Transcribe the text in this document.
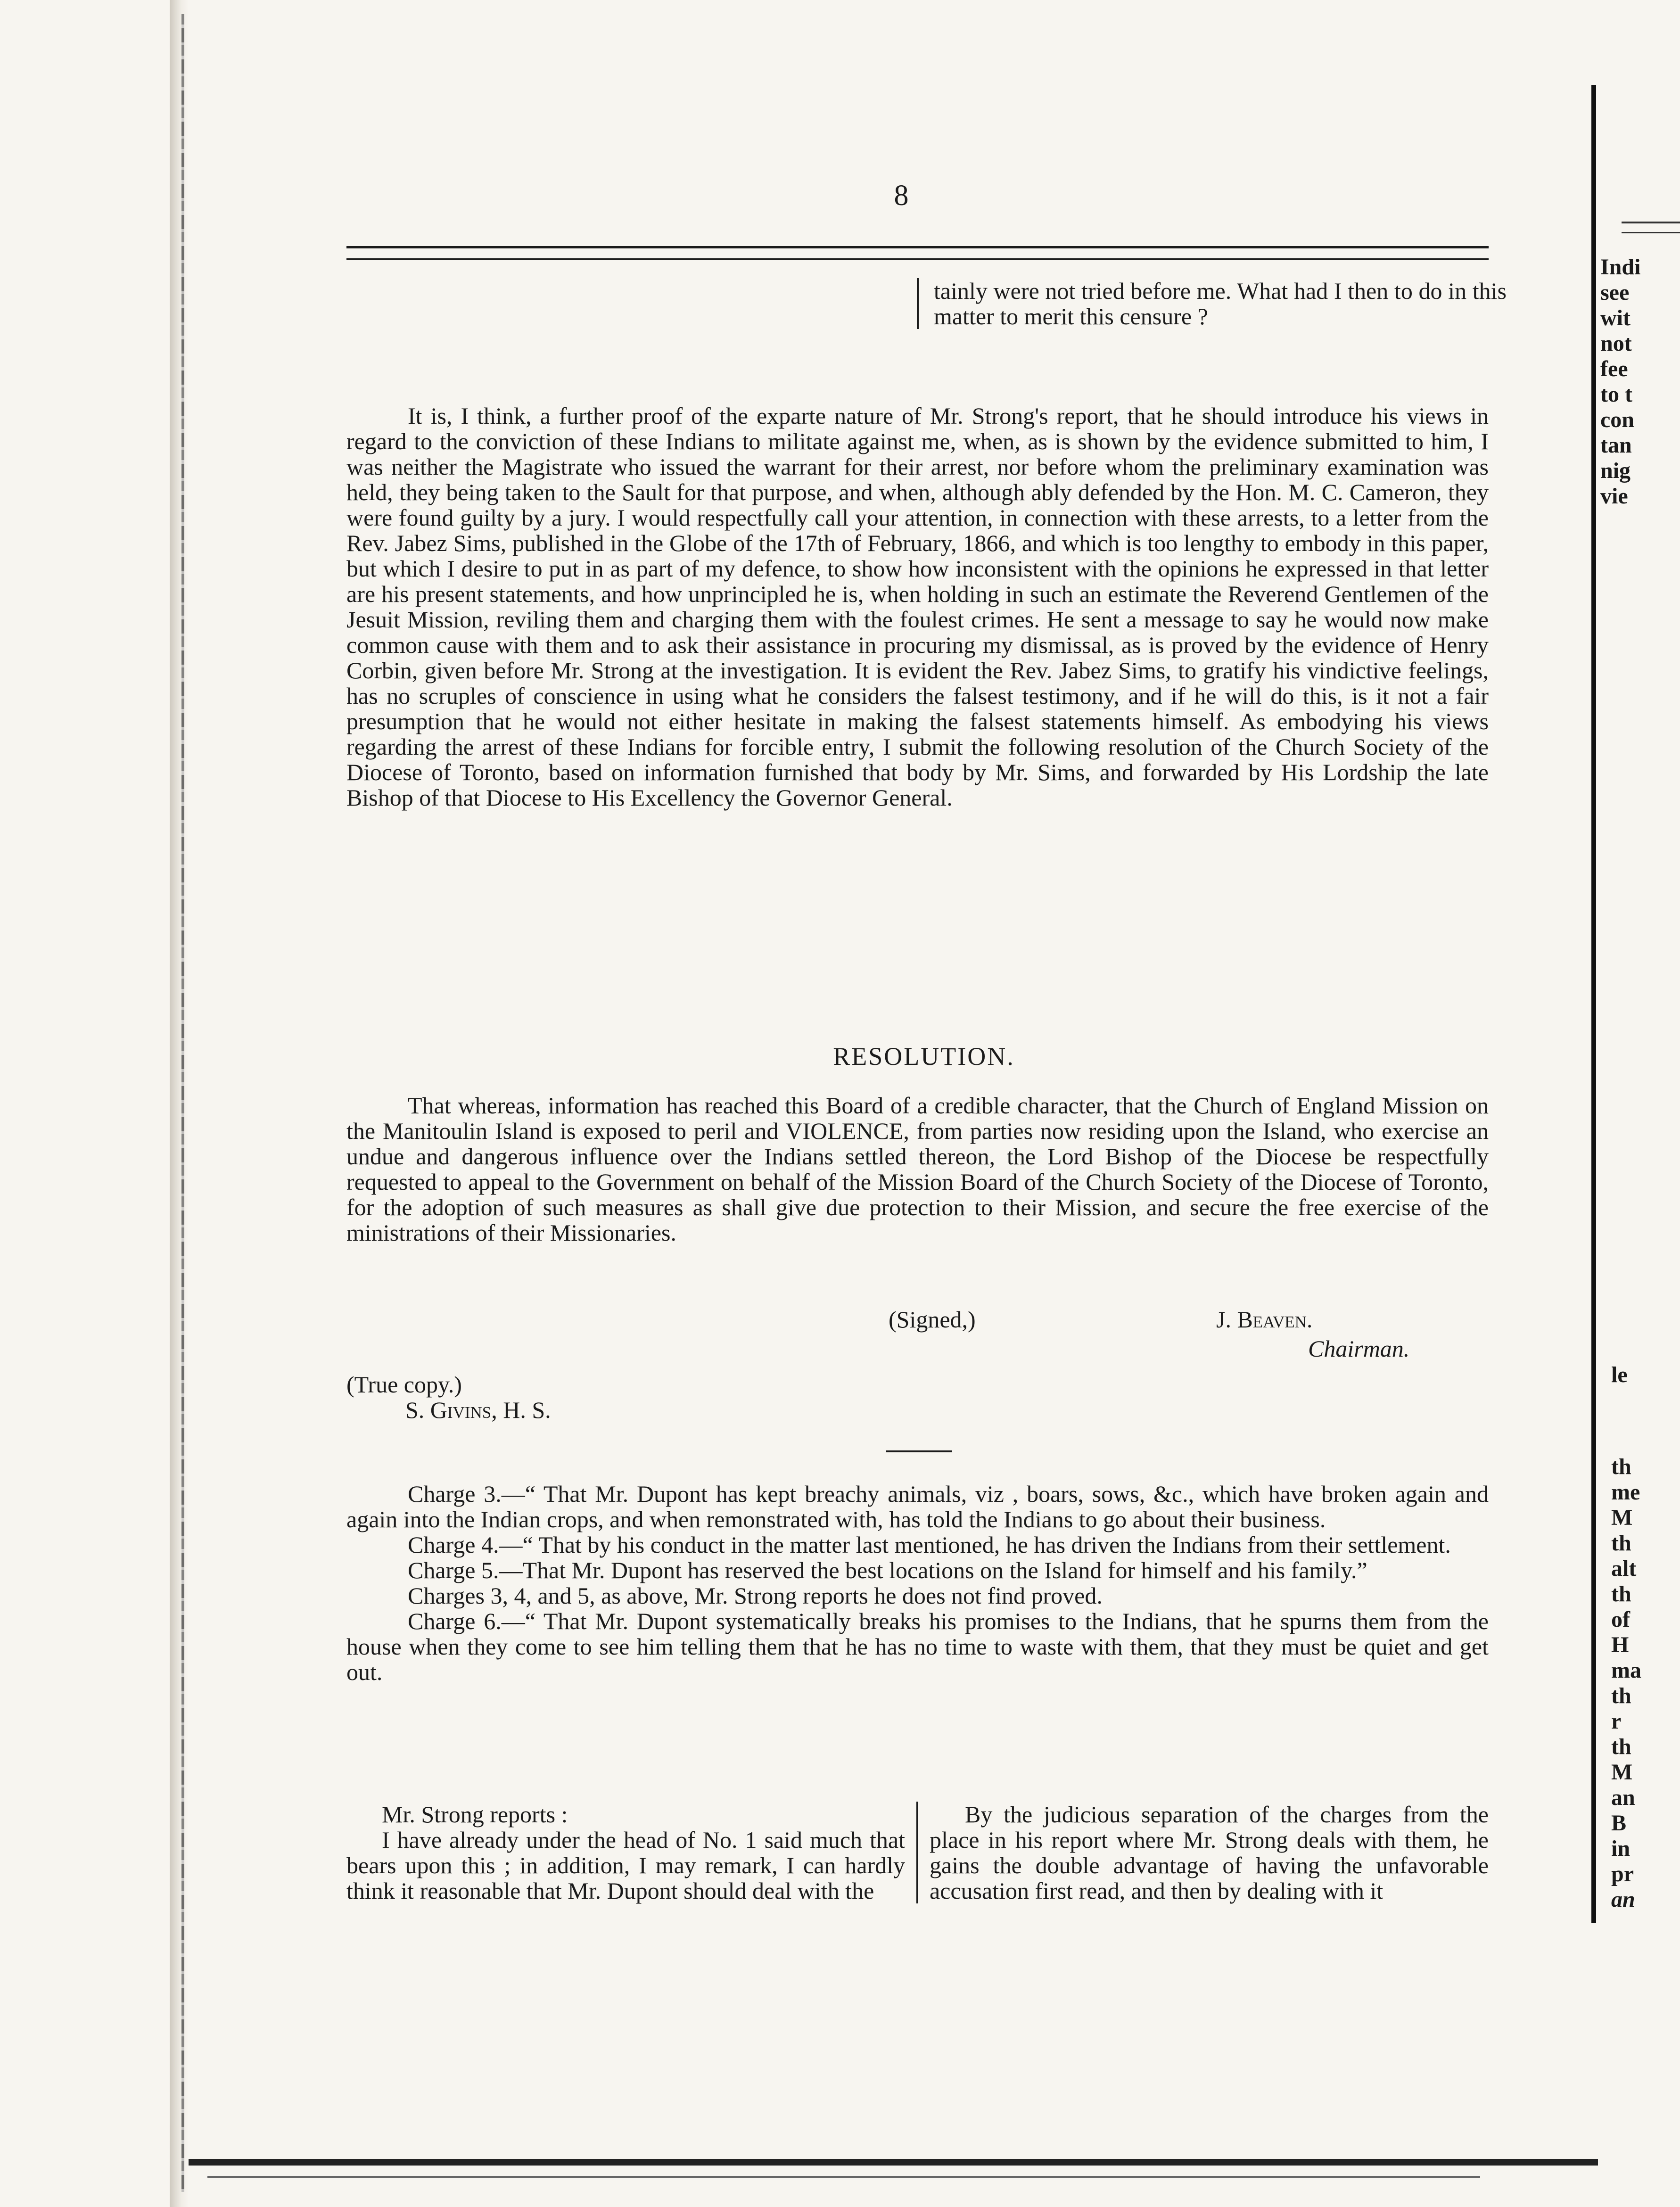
8

tainly were not tried before me. What had I then to do in this matter to merit this censure ?

It is, I think, a further proof of the exparte nature of Mr. Strong's report, that he should introduce his views in regard to the conviction of these Indians to militate against me, when, as is shown by the evidence submitted to him, I was neither the Magistrate who issued the warrant for their arrest, nor before whom the preliminary examination was held, they being taken to the Sault for that purpose, and when, although ably defended by the Hon. M. C. Cameron, they were found guilty by a jury. I would respectfully call your attention, in connection with these arrests, to a letter from the Rev. Jabez Sims, published in the Globe of the 17th of February, 1866, and which is too lengthy to embody in this paper, but which I desire to put in as part of my defence, to show how inconsistent with the opinions he expressed in that letter are his present statements, and how unprincipled he is, when holding in such an estimate the Reverend Gentlemen of the Jesuit Mission, reviling them and charging them with the foulest crimes. He sent a message to say he would now make common cause with them and to ask their assistance in procuring my dismissal, as is proved by the evidence of Henry Corbin, given before Mr. Strong at the investigation. It is evident the Rev. Jabez Sims, to gratify his vindictive feelings, has no scruples of conscience in using what he considers the falsest testimony, and if he will do this, is it not a fair presumption that he would not either hesitate in making the falsest statements himself. As embodying his views regarding the arrest of these Indians for forcible entry, I submit the following resolution of the Church Society of the Diocese of Toronto, based on information furnished that body by Mr. Sims, and forwarded by His Lordship the late Bishop of that Diocese to His Excellency the Governor General.

RESOLUTION.

That whereas, information has reached this Board of a credible character, that the Church of England Mission on the Manitoulin Island is exposed to peril and VIOLENCE, from parties now residing upon the Island, who exercise an undue and dangerous influence over the Indians settled thereon, the Lord Bishop of the Diocese be respectfully requested to appeal to the Government on behalf of the Mission Board of the Church Society of the Diocese of Toronto, for the adoption of such measures as shall give due protection to their Mission, and secure the free exercise of the ministrations of their Missionaries.

(Signed,)	J. Beaven.
Chairman.
(True copy.)
S. Givins, H. S.

Charge 3.—“ That Mr. Dupont has kept breachy animals, viz , boars, sows, &c., which have broken again and again into the Indian crops, and when remonstrated with, has told the Indians to go about their business.

Charge 4.—“ That by his conduct in the matter last mentioned, he has driven the Indians from their settlement.

Charge 5.—That Mr. Dupont has reserved the best locations on the Island for himself and his family.”

Charges 3, 4, and 5, as above, Mr. Strong reports he does not find proved.

Charge 6.—“ That Mr. Dupont systematically breaks his promises to the Indians, that he spurns them from the house when they come to see him telling them that he has no time to waste with them, that they must be quiet and get out.

Mr. Strong reports :

I have already under the head of No. 1 said much that bears upon this ; in addition, I may remark, I can hardly think it reasonable that Mr. Dupont should deal with the

By the judicious separation of the charges from the place in his report where Mr. Strong deals with them, he gains the double advantage of having the unfavorable accusation first read, and then by dealing with it

Indi
see
wit
not
fee
to t
con
tan
nig
vie
le
th
me
M
th
alt
th
of
H
ma
th
r
th
M
an
B
in
pr
an
